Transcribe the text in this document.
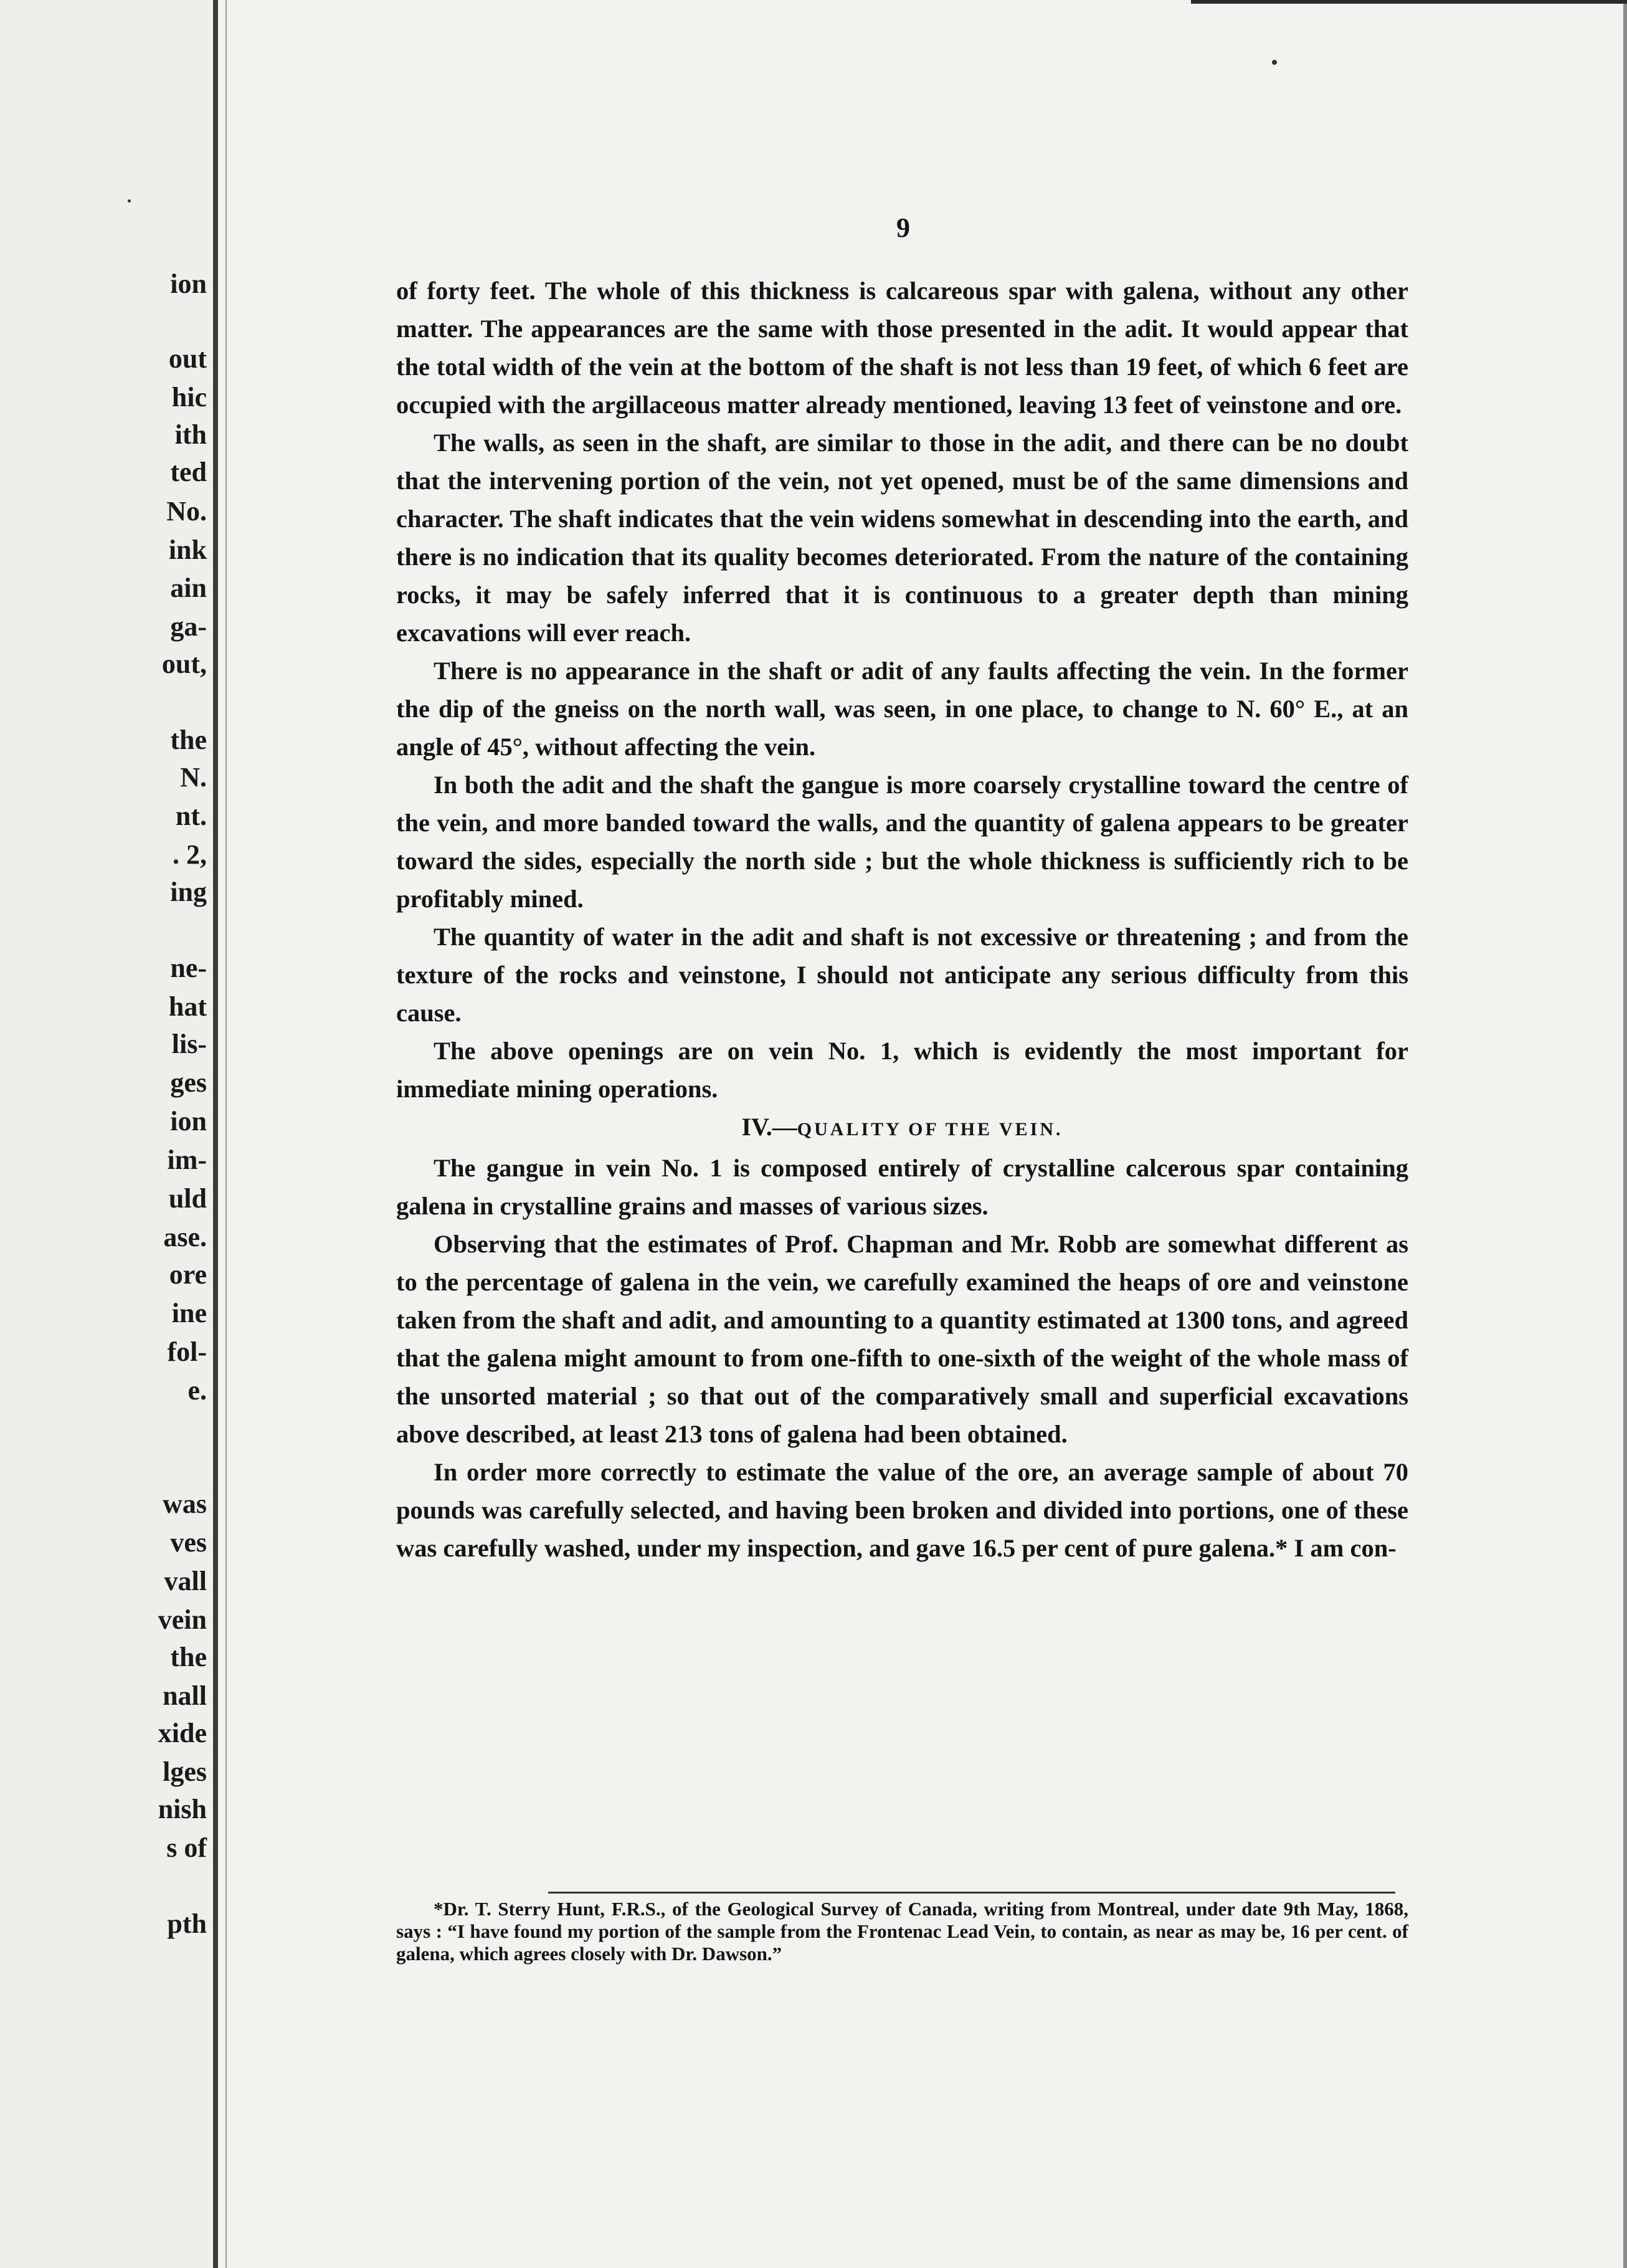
ion
out
hic
ith
ted
No.
ink
ain
ga-
out,
the
N.
nt.
. 2,
ing
ne-
hat
lis-
ges
ion
im-
uld
ase.
ore
ine
fol-
e.
was
ves
vall
vein
the
nall
xide
lges
nish
s of
pth
9

of forty feet. The whole of this thickness is calcareous spar with galena, without any other matter. The appearances are the same with those presented in the adit. It would appear that the total width of the vein at the bottom of the shaft is not less than 19 feet, of which 6 feet are occupied with the argillaceous matter already mentioned, leaving 13 feet of veinstone and ore.

The walls, as seen in the shaft, are similar to those in the adit, and there can be no doubt that the intervening portion of the vein, not yet opened, must be of the same dimensions and character. The shaft indicates that the vein widens somewhat in descending into the earth, and there is no indication that its quality becomes deteriorated. From the nature of the containing rocks, it may be safely inferred that it is continuous to a greater depth than mining excavations will ever reach.

There is no appearance in the shaft or adit of any faults affecting the vein. In the former the dip of the gneiss on the north wall, was seen, in one place, to change to N. 60° E., at an angle of 45°, without affecting the vein.

In both the adit and the shaft the gangue is more coarsely crystalline toward the centre of the vein, and more banded toward the walls, and the quantity of galena appears to be greater toward the sides, especially the north side ; but the whole thickness is sufficiently rich to be profitably mined.

The quantity of water in the adit and shaft is not excessive or threatening ; and from the texture of the rocks and veinstone, I should not anticipate any serious difficulty from this cause.

The above openings are on vein No. 1, which is evidently the most important for immediate mining operations.

IV.—QUALITY OF THE VEIN.

The gangue in vein No. 1 is composed entirely of crystalline calcerous spar containing galena in crystalline grains and masses of various sizes.

Observing that the estimates of Prof. Chapman and Mr. Robb are somewhat different as to the percentage of galena in the vein, we carefully examined the heaps of ore and veinstone taken from the shaft and adit, and amounting to a quantity estimated at 1300 tons, and agreed that the galena might amount to from one-fifth to one-sixth of the weight of the whole mass of the unsorted material ; so that out of the comparatively small and superficial excavations above described, at least 213 tons of galena had been obtained.

In order more correctly to estimate the value of the ore, an average sample of about 70 pounds was carefully selected, and having been broken and divided into portions, one of these was carefully washed, under my inspection, and gave 16.5 per cent of pure galena.* I am con-

*Dr. T. Sterry Hunt, F.R.S., of the Geological Survey of Canada, writing from Montreal, under date 9th May, 1868, says : “I have found my portion of the sample from the Frontenac Lead Vein, to contain, as near as may be, 16 per cent. of galena, which agrees closely with Dr. Dawson.”
